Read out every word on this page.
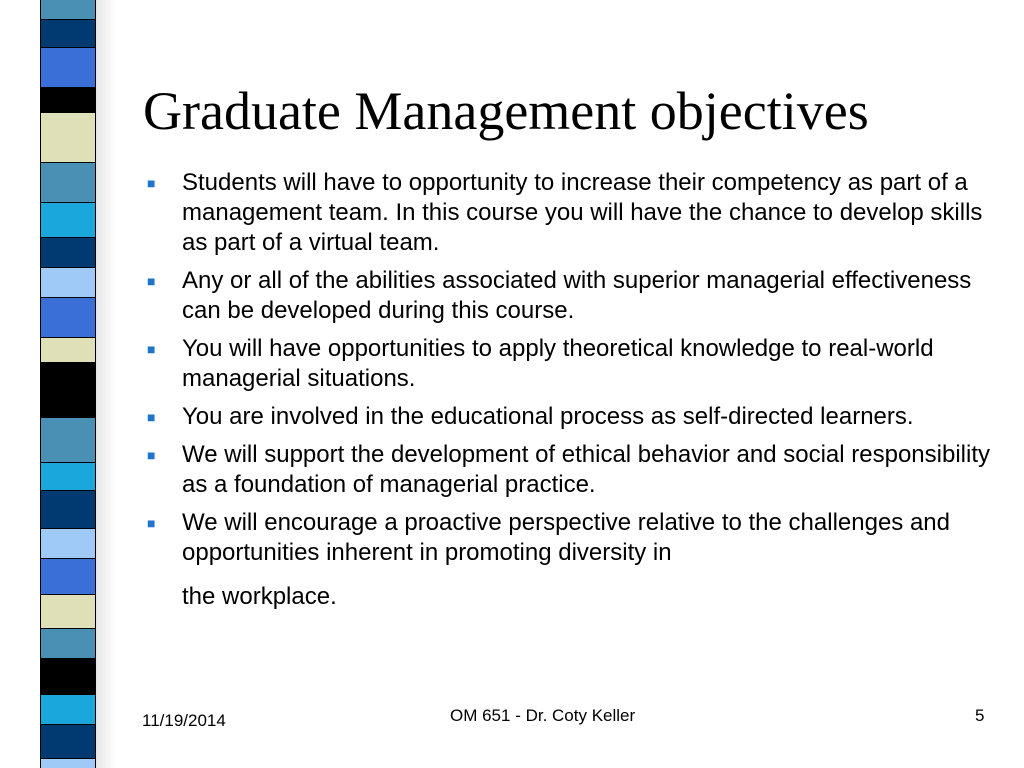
Graduate Management objectives
■	Students will have to opportunity to increase their competency as part of a management team. In this course you will have the chance to develop skills as part of a virtual team.
■	Any or all of the abilities associated with superior managerial effectiveness can be developed during this course.
■	You will have opportunities to apply theoretical knowledge to real-world managerial situations.
■	You are involved in the educational process as self-directed learners.
■	We will support the development of ethical behavior and social responsibility as a foundation of managerial practice.
■	We will encourage a proactive perspective relative to the challenges and opportunities inherent in promoting diversity in
the workplace.
11/19/2014	OM 651 - Dr. Coty Keller	5
